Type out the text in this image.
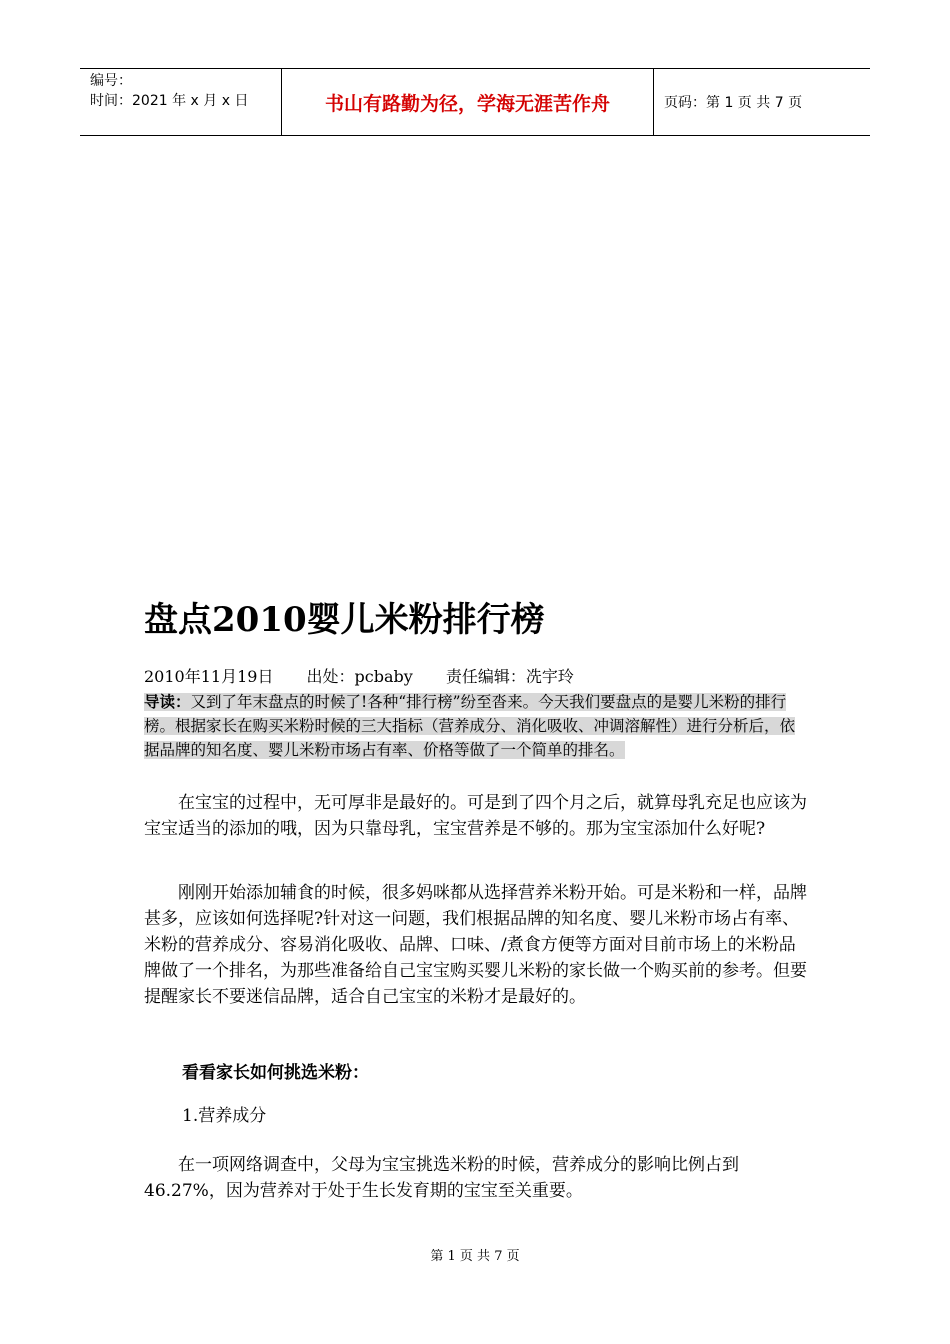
编号：
时间：2021 年 x 月 x 日	书山有路勤为径，学海无涯苦作舟	页码：第 1 页 共 7 页
盘点2010婴儿米粉排行榜
2010年11月19日 出处：pcbaby 责任编辑：冼宇玲
导读：又到了年末盘点的时候了!各种“排行榜”纷至沓来。今天我们要盘点的是婴儿米粉的排行榜。根据家长在购买米粉时候的三大指标（营养成分、消化吸收、冲调溶解性）进行分析后，依据品牌的知名度、婴儿米粉市场占有率、价格等做了一个简单的排名。

在宝宝的过程中，无可厚非是最好的。可是到了四个月之后，就算母乳充足也应该为宝宝适当的添加的哦，因为只靠母乳，宝宝营养是不够的。那为宝宝添加什么好呢?

刚刚开始添加辅食的时候，很多妈咪都从选择营养米粉开始。可是米粉和一样，品牌甚多，应该如何选择呢?针对这一问题，我们根据品牌的知名度、婴儿米粉市场占有率、米粉的营养成分、容易消化吸收、品牌、口味、/煮食方便等方面对目前市场上的米粉品牌做了一个排名，为那些准备给自己宝宝购买婴儿米粉的家长做一个购买前的参考。但要提醒家长不要迷信品牌，适合自己宝宝的米粉才是最好的。

看看家长如何挑选米粉：
1.营养成分

在一项网络调查中，父母为宝宝挑选米粉的时候，营养成分的影响比例占到46.27%，因为营养对于处于生长发育期的宝宝至关重要。

第 1 页 共 7 页
